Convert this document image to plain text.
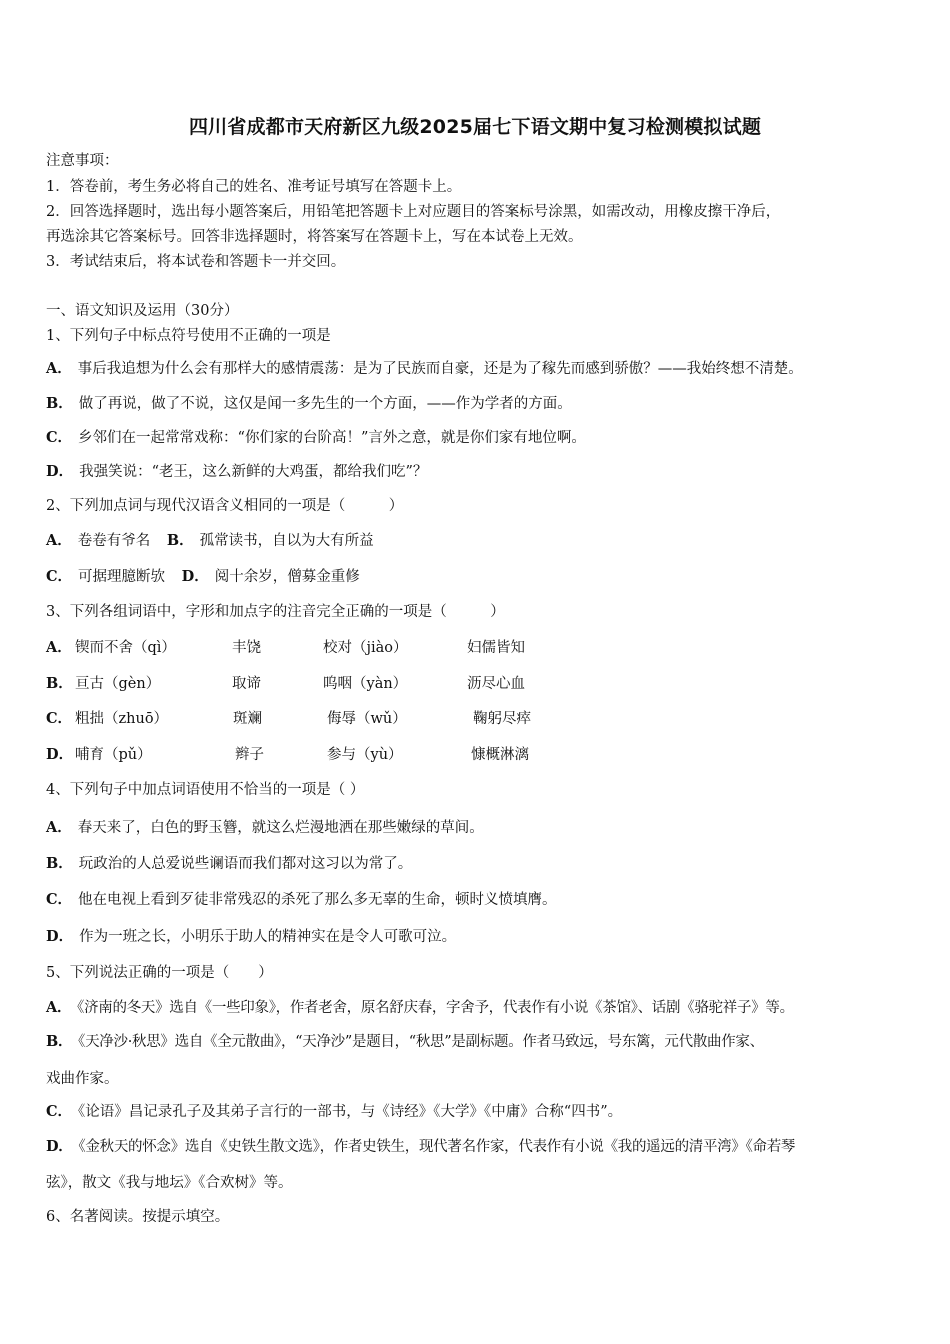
四川省成都市天府新区九级2025届七下语文期中复习检测模拟试题
注意事项：
1．答卷前，考生务必将自己的姓名、准考证号填写在答题卡上。
2．回答选择题时，选出每小题答案后，用铅笔把答题卡上对应题目的答案标号涂黑，如需改动，用橡皮擦干净后，
再选涂其它答案标号。回答非选择题时，将答案写在答题卡上，写在本试卷上无效。
3．考试结束后，将本试卷和答题卡一并交回。
一、语文知识及运用（30分）
1、下列句子中标点符号使用不正确的一项是
A． 事后我追想为什么会有那样大的感情震荡：是为了民族而自豪，还是为了稼先而感到骄傲？——我始终想不清楚。
B． 做了再说，做了不说，这仅是闻一多先生的一个方面，——作为学者的方面。
C． 乡邻们在一起常常戏称：“你们家的台阶高！”言外之意，就是你们家有地位啊。
D． 我强笑说：“老王，这么新鲜的大鸡蛋，都给我们吃”？
2、下列加点词与现代汉语含义相同的一项是（　　　）
A． 卷卷有爷名 B． 孤常读书，自以为大有所益
C． 可据理臆断欤 D． 阅十余岁，僧募金重修
3、下列各组词语中，字形和加点字的注音完全正确的一项是（　　　）
A． 锲而不舍（qì）	丰饶	校对（jiào）	妇儒皆知
B． 亘古（gèn）	取谛	呜咽（yàn）	沥尽心血
C． 粗拙（zhuō）	斑斓	侮辱（wǔ）	鞠躬尽瘁
D． 哺育（pǔ）	辫子	参与（yù）	慷概淋漓
4、下列句子中加点词语使用不恰当的一项是（ ）
A． 春天来了，白色的野玉簪，就这么烂漫地洒在那些嫩绿的草间。
B． 玩政治的人总爱说些谰语而我们都对这习以为常了。
C． 他在电视上看到歹徒非常残忍的杀死了那么多无辜的生命，顿时义愤填膺。
D． 作为一班之长，小明乐于助人的精神实在是令人可歌可泣。
5、下列说法正确的一项是（　　）
A． 《济南的冬天》选自《一些印象》，作者老舍，原名舒庆春，字舍予，代表作有小说《茶馆》、话剧《骆驼祥子》等。
B． 《天净沙·秋思》选自《全元散曲》，“天净沙”是题目，“秋思”是副标题。作者马致远，号东篱，元代散曲作家、
戏曲作家。
C． 《论语》昌记录孔子及其弟子言行的一部书，与《诗经》《大学》《中庸》合称“四书”。
D． 《金秋天的怀念》选自《史铁生散文选》，作者史铁生，现代著名作家，代表作有小说《我的遥远的清平湾》《命若琴
弦》，散文《我与地坛》《合欢树》等。
6、名著阅读。按提示填空。
